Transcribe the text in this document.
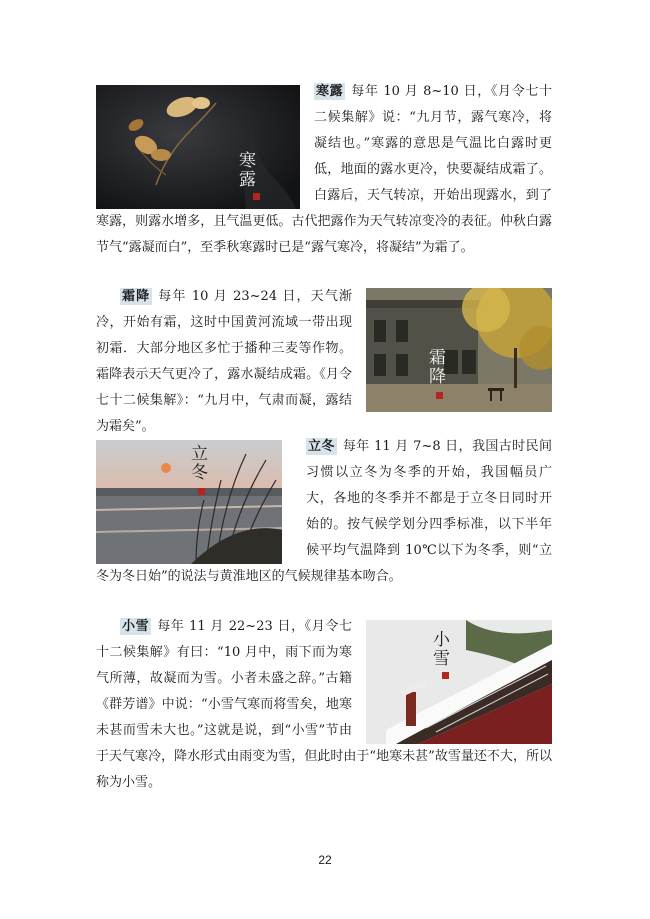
寒露

寒露 每年 10 月 8~10 日，《月令七十二候集解》说：“九月节，露气寒冷，将凝结也。”寒露的意思是气温比白露时更低，地面的露水更冷，快要凝结成霜了。白露后，天气转凉，开始出现露水，到了寒露，则露水增多，且气温更低。古代把露作为天气转凉变冷的表征。仲秋白露节气“露凝而白”，至季秋寒露时已是“露气寒冷，将凝结”为霜了。

霜降

霜降 每年 10 月 23~24 日，天气渐冷，开始有霜，这时中国黄河流域一带出现初霜．大部分地区多忙于播种三麦等作物。霜降表示天气更冷了，露水凝结成霜。《月令七十二候集解》：“九月中，气肃而凝，露结为霜矣”。

立冬	立冬 每年 11 月 7~8 日，我国古时民间习惯以立冬为冬季的开始，我国幅员广大，各地的冬季并不都是于立冬日同时开始的。按气候学划分四季标准，以下半年候平均气温降到 10℃以下为冬季，则“立冬为冬日始”的说法与黄淮地区的气候规律基本吻合。

小雪

小雪 每年 11 月 22~23 日，《月令七十二候集解》有曰：“10 月中，雨下而为寒气所薄，故凝而为雪。小者未盛之辞。”古籍《群芳谱》中说：“小雪气寒而将雪矣，地寒未甚而雪未大也。”这就是说，到“小雪”节由于天气寒冷，降水形式由雨变为雪，但此时由于“地寒未甚”故雪量还不大，所以称为小雪。

22
